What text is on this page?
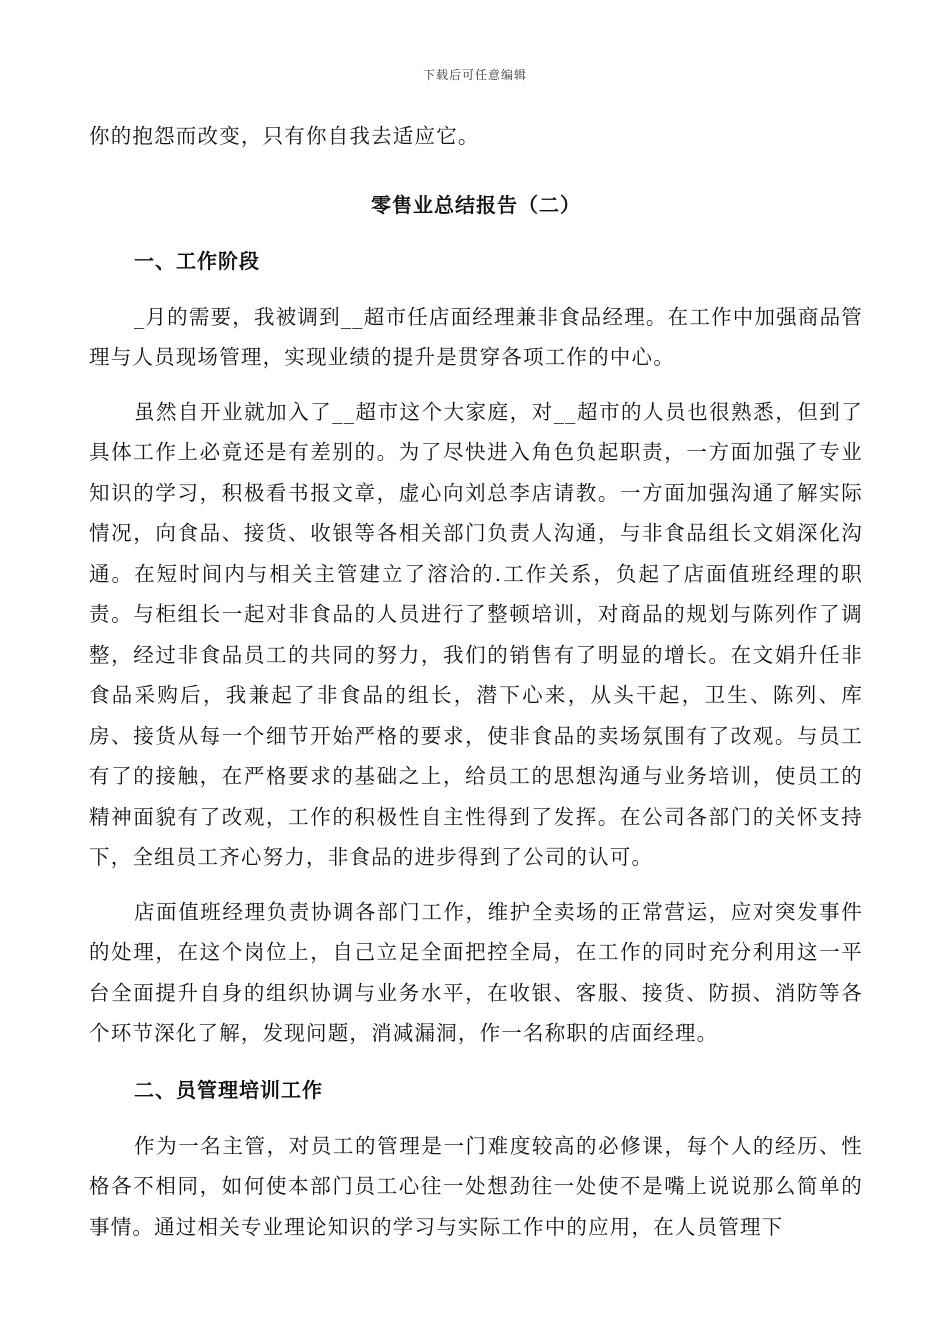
下载后可任意编辑

你的抱怨而改变，只有你自我去适应它。

零售业总结报告（二）
一、工作阶段

_月的需要，我被调到__超市任店面经理兼非食品经理。在工作中加强商品管理与人员现场管理，实现业绩的提升是贯穿各项工作的中心。

虽然自开业就加入了__超市这个大家庭，对__超市的人员也很熟悉，但到了具体工作上必竟还是有差别的。为了尽快进入角色负起职责，一方面加强了专业知识的学习，积极看书报文章，虚心向刘总李店请教。一方面加强沟通了解实际情况，向食品、接货、收银等各相关部门负责人沟通，与非食品组长文娟深化沟通。在短时间内与相关主管建立了溶洽的.工作关系，负起了店面值班经理的职责。与柜组长一起对非食品的人员进行了整顿培训，对商品的规划与陈列作了调整，经过非食品员工的共同的努力，我们的销售有了明显的增长。在文娟升任非食品采购后，我兼起了非食品的组长，潜下心来，从头干起，卫生、陈列、库房、接货从每一个细节开始严格的要求，使非食品的卖场氛围有了改观。与员工有了的接触，在严格要求的基础之上，给员工的思想沟通与业务培训，使员工的精神面貌有了改观，工作的积极性自主性得到了发挥。在公司各部门的关怀支持下，全组员工齐心努力，非食品的进步得到了公司的认可。

店面值班经理负责协调各部门工作，维护全卖场的正常营运，应对突发事件的处理，在这个岗位上，自己立足全面把控全局，在工作的同时充分利用这一平台全面提升自身的组织协调与业务水平，在收银、客服、接货、防损、消防等各个环节深化了解，发现问题，消减漏洞，作一名称职的店面经理。

二、员管理培训工作

作为一名主管，对员工的管理是一门难度较高的必修课，每个人的经历、性格各不相同，如何使本部门员工心往一处想劲往一处使不是嘴上说说那么简单的事情。通过相关专业理论知识的学习与实际工作中的应用，在人员管理下
